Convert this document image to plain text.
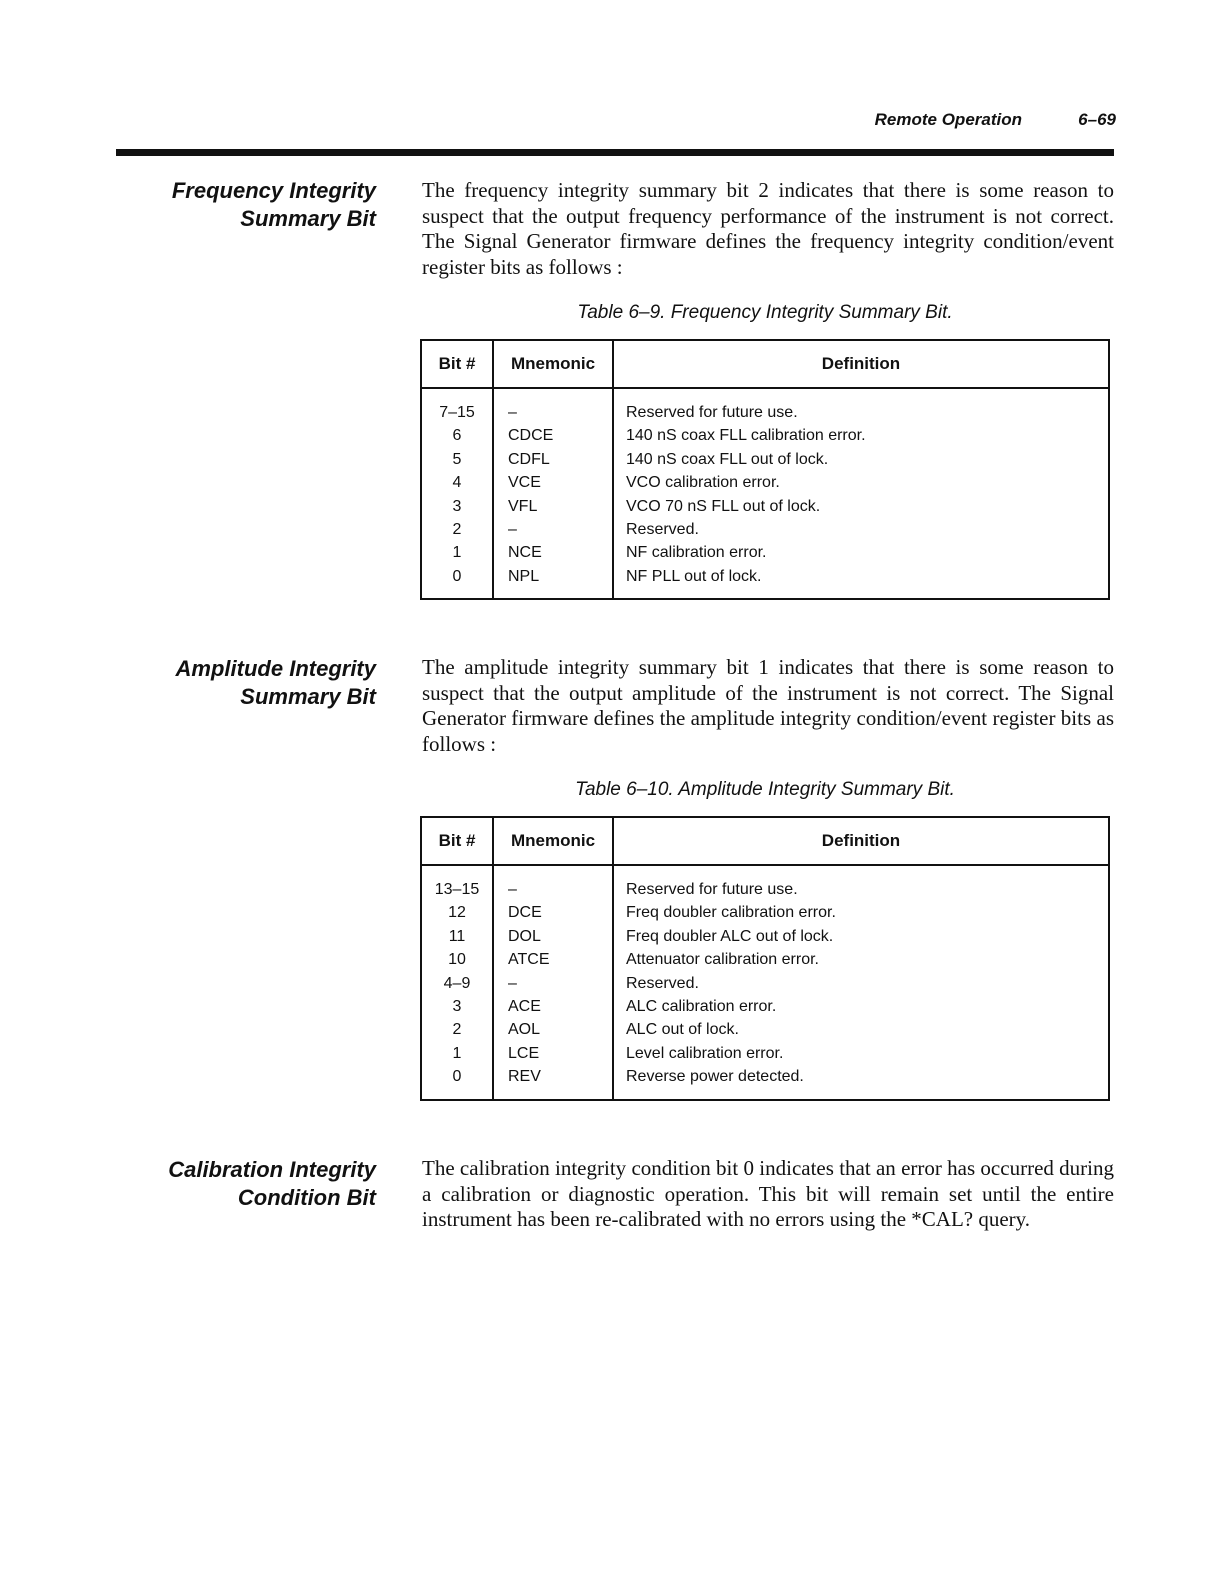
Remote Operation	6–69
Frequency Integrity
Summary Bit
The frequency integrity summary bit 2 indicates that there is some reason to suspect that the output frequency performance of the instrument is not correct. The Signal Generator firmware defines the frequency integrity condition/event register bits as follows :
Table 6–9. Frequency Integrity Summary Bit.
Bit #	Mnemonic	Definition
7–15	–	Reserved for future use.
6	CDCE	140 nS coax FLL calibration error.
5	CDFL	140 nS coax FLL out of lock.
4	VCE	VCO calibration error.
3	VFL	VCO 70 nS FLL out of lock.
2	–	Reserved.
1	NCE	NF calibration error.
0	NPL	NF PLL out of lock.
Amplitude Integrity
Summary Bit
The amplitude integrity summary bit 1 indicates that there is some reason to suspect that the output amplitude of the instrument is not correct. The Signal Generator firmware defines the amplitude integrity condition/event register bits as follows :
Table 6–10. Amplitude Integrity Summary Bit.
Bit #	Mnemonic	Definition
13–15	–	Reserved for future use.
12	DCE	Freq doubler calibration error.
11	DOL	Freq doubler ALC out of lock.
10	ATCE	Attenuator calibration error.
4–9	–	Reserved.
3	ACE	ALC calibration error.
2	AOL	ALC out of lock.
1	LCE	Level calibration error.
0	REV	Reverse power detected.
Calibration Integrity
Condition Bit
The calibration integrity condition bit 0 indicates that an error has occurred during a calibration or diagnostic operation. This bit will remain set until the entire instrument has been re-calibrated with no errors using the *CAL? query.
